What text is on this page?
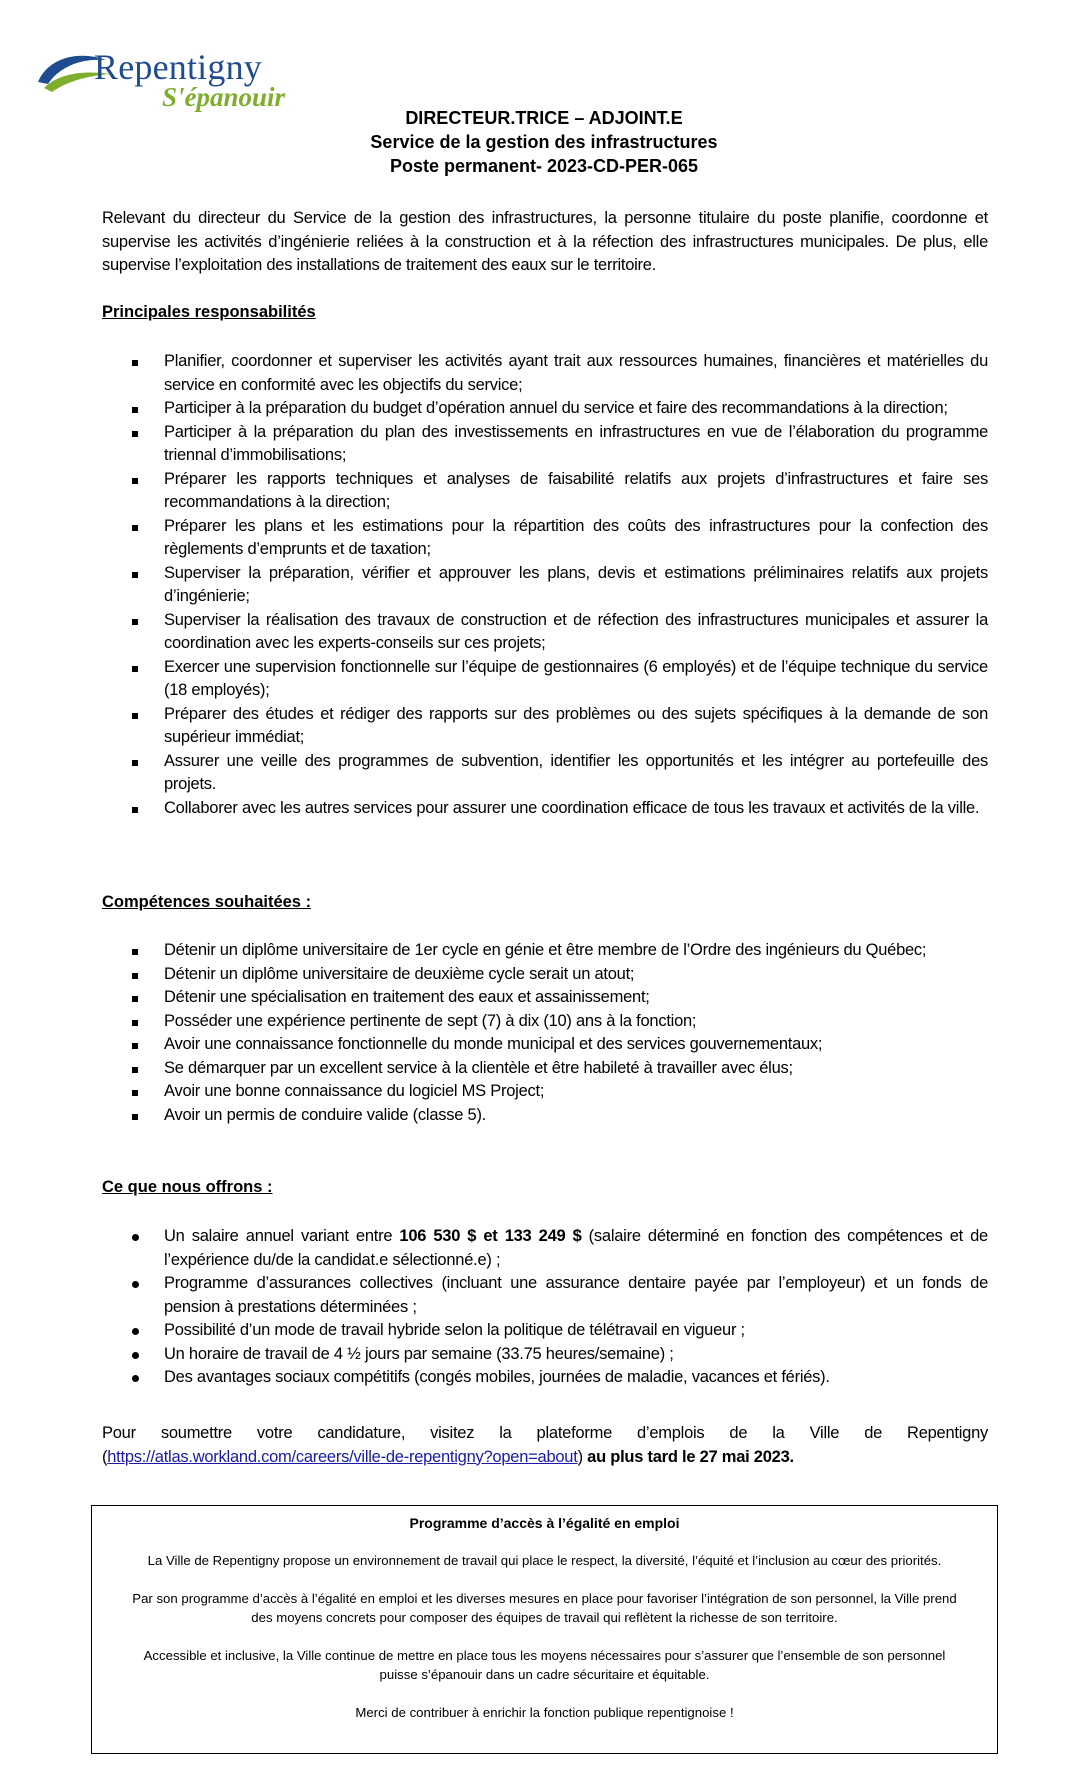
Repentigny
S'épanouir
DIRECTEUR.TRICE – ADJOINT.E
Service de la gestion des infrastructures
Poste permanent- 2023-CD-PER-065
Relevant du directeur du Service de la gestion des infrastructures, la personne titulaire du poste planifie, coordonne et supervise les activités d’ingénierie reliées à la construction et à la réfection des infrastructures municipales. De plus, elle supervise l’exploitation des installations de traitement des eaux sur le territoire.
Principales responsabilités
Planifier, coordonner et superviser les activités ayant trait aux ressources humaines, financières et matérielles du service en conformité avec les objectifs du service;
Participer à la préparation du budget d’opération annuel du service et faire des recommandations à la direction;
Participer à la préparation du plan des investissements en infrastructures en vue de l’élaboration du programme triennal d’immobilisations;
Préparer les rapports techniques et analyses de faisabilité relatifs aux projets d’infrastructures et faire ses recommandations à la direction;
Préparer les plans et les estimations pour la répartition des coûts des infrastructures pour la confection des règlements d’emprunts et de taxation;
Superviser la préparation, vérifier et approuver les plans, devis et estimations préliminaires relatifs aux projets d’ingénierie;
Superviser la réalisation des travaux de construction et de réfection des infrastructures municipales et assurer la coordination avec les experts-conseils sur ces projets;
Exercer une supervision fonctionnelle sur l’équipe de gestionnaires (6 employés) et de l’équipe technique du service (18 employés);
Préparer des études et rédiger des rapports sur des problèmes ou des sujets spécifiques à la demande de son supérieur immédiat;
Assurer une veille des programmes de subvention, identifier les opportunités et les intégrer au portefeuille des projets.
Collaborer avec les autres services pour assurer une coordination efficace de tous les travaux et activités de la ville.
Compétences souhaitées :
Détenir un diplôme universitaire de 1er cycle en génie et être membre de l’Ordre des ingénieurs du Québec;
Détenir un diplôme universitaire de deuxième cycle serait un atout;
Détenir une spécialisation en traitement des eaux et assainissement;
Posséder une expérience pertinente de sept (7) à dix (10) ans à la fonction;
Avoir une connaissance fonctionnelle du monde municipal et des services gouvernementaux;
Se démarquer par un excellent service à la clientèle et être habileté à travailler avec élus;
Avoir une bonne connaissance du logiciel MS Project;
Avoir un permis de conduire valide (classe 5).
Ce que nous offrons :
Un salaire annuel variant entre 106 530 $ et 133 249 $ (salaire déterminé en fonction des compétences et de l’expérience du/de la candidat.e sélectionné.e) ;
Programme d’assurances collectives (incluant une assurance dentaire payée par l’employeur) et un fonds de pension à prestations déterminées ;
Possibilité d’un mode de travail hybride selon la politique de télétravail en vigueur ;
Un horaire de travail de 4 ½ jours par semaine (33.75 heures/semaine) ;
Des avantages sociaux compétitifs (congés mobiles, journées de maladie, vacances et fériés).
Pour soumettre votre candidature, visitez la plateforme d’emplois de la Ville de Repentigny (https://atlas.workland.com/careers/ville-de-repentigny?open=about) au plus tard le 27 mai 2023.

Programme d’accès à l’égalité en emploi

La Ville de Repentigny propose un environnement de travail qui place le respect, la diversité, l’équité et l’inclusion au cœur des priorités.

Par son programme d’accès à l’égalité en emploi et les diverses mesures en place pour favoriser l’intégration de son personnel, la Ville prend des moyens concrets pour composer des équipes de travail qui reflètent la richesse de son territoire.

Accessible et inclusive, la Ville continue de mettre en place tous les moyens nécessaires pour s’assurer que l’ensemble de son personnel puisse s’épanouir dans un cadre sécuritaire et équitable.

Merci de contribuer à enrichir la fonction publique repentignoise !
